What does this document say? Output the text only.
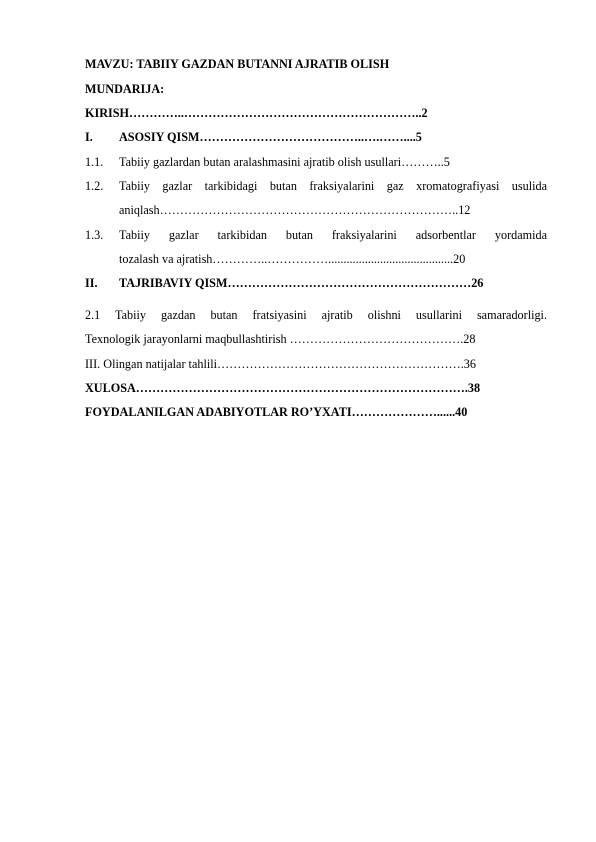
MAVZU: TABIIY GAZDAN BUTANNI AJRATIB OLISH
MUNDARIJA:
KIRISH…………..…………………………………………………..2
I. ASOSIY QISM…………………………………..….……....5
1.1. Tabiiy gazlardan butan aralashmasini ajratib olish usullari………..5
1.2. Tabiiy gazlar tarkibidagi butan fraksiyalarini gaz xromatografiyasi usulida
aniqlash………………………………………………………………..12
1.3. Tabiiy gazlar tarkibidan butan fraksiyalarini adsorbentlar yordamida
tozalash va ajratish…………..…………….........................................20
II. TAJRIBAVIY QISM……………………………………………………26
2.1 Tabiiy gazdan butan fratsiyasini ajratib olishni usullarini samaradorligi.
Texnologik jarayonlarni maqbullashtirish …………………………………….28
III. Olingan natijalar tahlili…………………………………………………….36
XULOSA……………………………………………………………………….38
FOYDALANILGAN ADABIYOTLAR RO’YXATI…………………......40
